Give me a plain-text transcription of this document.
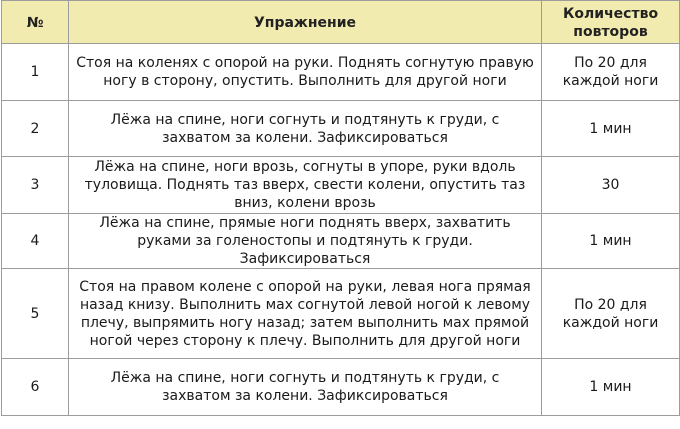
№	Упражнение	Количество повторов
1	Стоя на коленях с опорой на руки. Поднять согнутую правую ногу в сторону, опустить. Выполнить для другой ноги	По 20 для каждой ноги
2	Лёжа на спине, ноги согнуть и подтянуть к груди, с захватом за колени. Зафиксироваться	1 мин
3	Лёжа на спине, ноги врозь, согнуты в упоре, руки вдоль туловища. Поднять таз вверх, свести колени, опустить таз вниз, колени врозь	30
4	Лёжа на спине, прямые ноги поднять вверх, захватить руками за голеностопы и подтянуть к груди. Зафиксироваться	1 мин
5	Стоя на правом колене с опорой на руки, левая нога прямая назад книзу. Выполнить мах согнутой левой ногой к левому плечу, выпрямить ногу назад; затем выполнить мах прямой ногой через сторону к плечу. Выполнить для другой ноги	По 20 для каждой ноги
6	Лёжа на спине, ноги согнуть и подтянуть к груди, с захватом за колени. Зафиксироваться	1 мин
